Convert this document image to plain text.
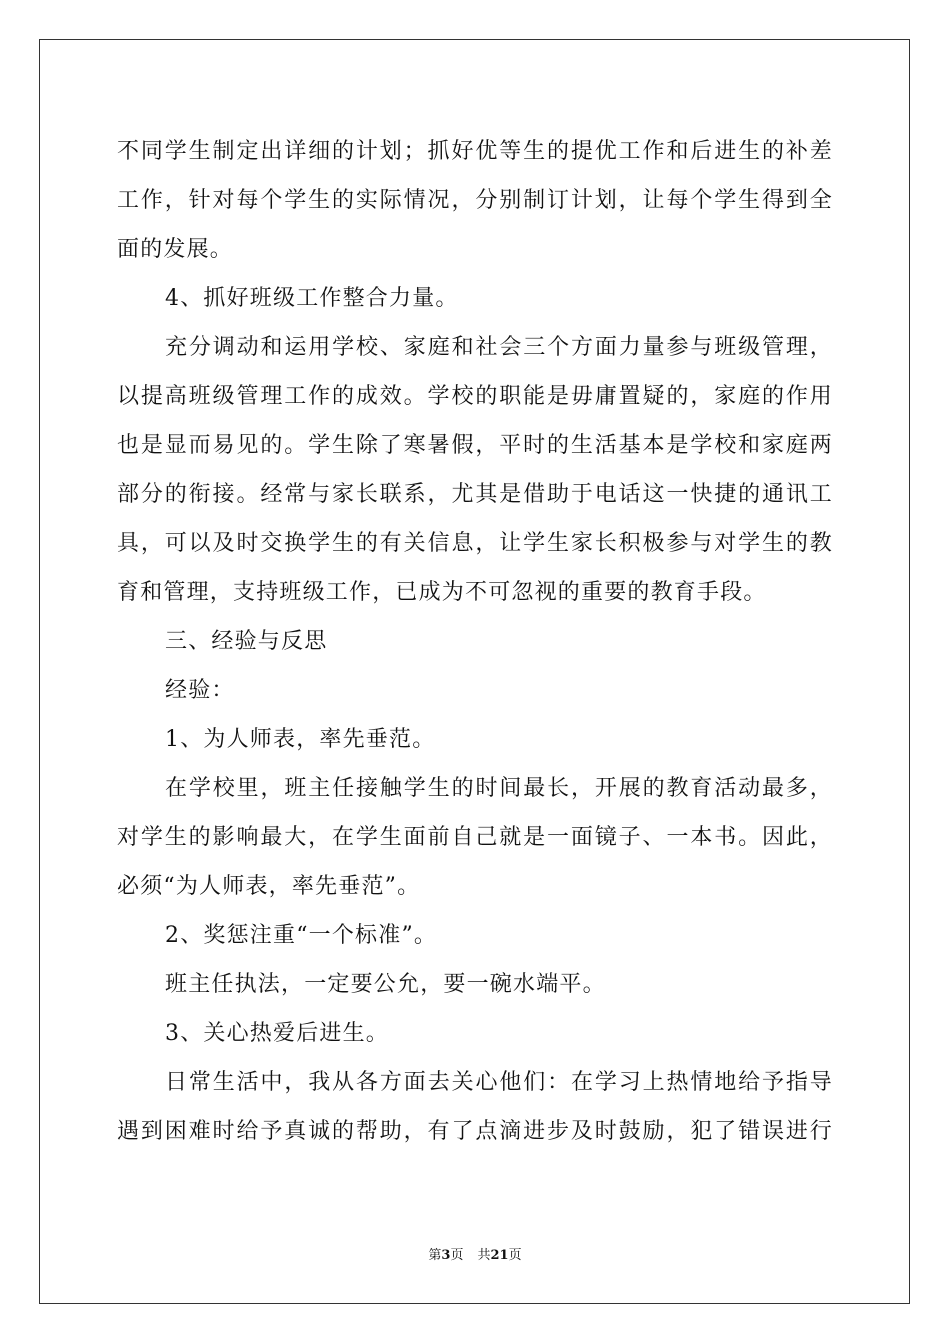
不同学生制定出详细的计划；抓好优等生的提优工作和后进生的补差
工作，针对每个学生的实际情况，分别制订计划，让每个学生得到全
面的发展。
4、抓好班级工作整合力量。
充分调动和运用学校、家庭和社会三个方面力量参与班级管理，
以提高班级管理工作的成效。学校的职能是毋庸置疑的，家庭的作用
也是显而易见的。学生除了寒暑假，平时的生活基本是学校和家庭两
部分的衔接。经常与家长联系，尤其是借助于电话这一快捷的通讯工
具，可以及时交换学生的有关信息，让学生家长积极参与对学生的教
育和管理，支持班级工作，已成为不可忽视的重要的教育手段。
三、经验与反思
经验：
1、为人师表，率先垂范。
在学校里，班主任接触学生的时间最长，开展的教育活动最多，
对学生的影响最大，在学生面前自己就是一面镜子、一本书。因此，
必须“为人师表，率先垂范”。
2、奖惩注重“一个标准”。
班主任执法，一定要公允，要一碗水端平。
3、关心热爱后进生。
日常生活中，我从各方面去关心他们：在学习上热情地给予指导
遇到困难时给予真诚的帮助，有了点滴进步及时鼓励，犯了错误进行
第3页 共21页
